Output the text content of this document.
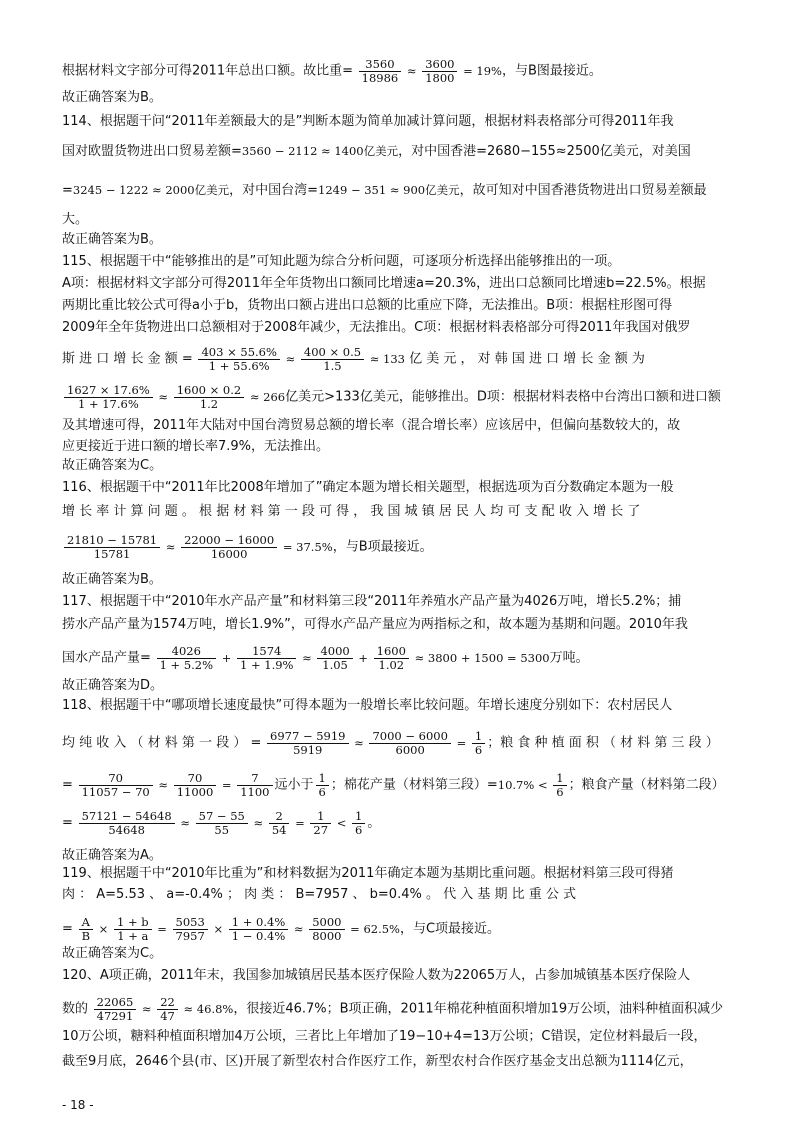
根据材料文字部分可得2011年总出口额。故比重= $\frac{3560}{18986} \approx \frac{3600}{1800} = 19\%$，与B图最接近。
故正确答案为B。
114、根据题干问“2011年差额最大的是”判断本题为简单加减计算问题，根据材料表格部分可得2011年我
国对欧盟货物进出口贸易差额=3560 − 2112 ≈ 1400亿美元，对中国香港=2680−155≈2500亿美元，对美国
=3245 − 1222 ≈ 2000亿美元，对中国台湾=1249 − 351 ≈ 900亿美元，故可知对中国香港货物进出口贸易差额最
大。
故正确答案为B。
115、根据题干中“能够推出的是”可知此题为综合分析问题，可逐项分析选择出能够推出的一项。
A项：根据材料文字部分可得2011年全年货物出口额同比增速a=20.3%，进出口总额同比增速b=22.5%。根据
两期比重比较公式可得a小于b，货物出口额占进出口总额的比重应下降，无法推出。B项：根据柱形图可得
2009年全年货物进出口总额相对于2008年减少，无法推出。C项：根据材料表格部分可得2011年我国对俄罗
斯 进 口 增 长 金 额 = $\frac{403 \times 55.6\%}{1 + 55.6\%} \approx \frac{400 \times 0.5}{1.5} \approx 133$ 亿 美 元 ， 对 韩 国 进 口 增 长 金 额 为
$\frac{1627 \times 17.6\%}{1 + 17.6\%} \approx \frac{1600 \times 0.2}{1.2} \approx 266$亿美元>133亿美元，能够推出。D项：根据材料表格中台湾出口额和进口额
及其增速可得，2011年大陆对中国台湾贸易总额的增长率（混合增长率）应该居中，但偏向基数较大的，故
应更接近于进口额的增长率7.9%，无法推出。
故正确答案为C。
116、根据题干中“2011年比2008年增加了”确定本题为增长相关题型，根据选项为百分数确定本题为一般
增 长 率 计 算 问 题 。 根 据 材 料 第 一 段 可 得 ， 我 国 城 镇 居 民 人 均 可 支 配 收 入 增 长 了
$\frac{21810 - 15781}{15781} \approx \frac{22000 - 16000}{16000} = 37.5\%$，与B项最接近。
故正确答案为B。
117、根据题干中“2010年水产品产量”和材料第三段“2011年养殖水产品产量为4026万吨，增长5.2%；捕
捞水产品产量为1574万吨，增长1.9%”，可得水产品产量应为两指标之和，故本题为基期和问题。2010年我
国水产品产量= $\frac{4026}{1 + 5.2\%} + \frac{1574}{1 + 1.9\%} \approx \frac{4000}{1.05} + \frac{1600}{1.02} \approx 3800 + 1500 = 5300$万吨。
故正确答案为D。
118、根据题干中“哪项增长速度最快”可得本题为一般增长率比较问题。年增长速度分别如下：农村居民人
均 纯 收 入 （ 材 料 第 一 段 ） = $\frac{6977 - 5919}{5919} \approx \frac{7000 - 6000}{6000} = \frac{1}{6}$ ；粮 食 种 植 面 积 （ 材 料 第 三 段 ）
= $\frac{70}{11057 - 70} \approx \frac{70}{11000} = \frac{7}{1100}$ 远小于 $\frac{1}{6}$ ；棉花产量（材料第三段）$=10.7\% < \frac{1}{6}$ ；粮食产量（材料第二段）
= $\frac{57121 - 54648}{54648} \approx \frac{57 - 55}{55} \approx \frac{2}{54} = \frac{1}{27} < \frac{1}{6}$ 。
故正确答案为A。
119、根据题干中“2010年比重为”和材料数据为2011年确定本题为基期比重问题。根据材料第三段可得猪
肉 ： A=5.53 、 a=-0.4% ； 肉 类 ： B=7957 、 b=0.4% 。 代 入 基 期 比 重 公 式
= $\frac{A}{B} \times \frac{1 + b}{1 + a} = \frac{5053}{7957} \times \frac{1 + 0.4\%}{1 - 0.4\%} \approx \frac{5000}{8000} = 62.5\%$，与C项最接近。
故正确答案为C。
120、A项正确，2011年末，我国参加城镇居民基本医疗保险人数为22065万人，占参加城镇基本医疗保险人
数的 $\frac{22065}{47291} \approx \frac{22}{47} \approx 46.8\%$，很接近46.7%；B项正确，2011年棉花种植面积增加19万公顷，油料种植面积减少
10万公顷，糖料种植面积增加4万公顷，三者比上年增加了19−10+4=13万公顷；C错误，定位材料最后一段，
截至9月底，2646个县(市、区)开展了新型农村合作医疗工作，新型农村合作医疗基金支出总额为1114亿元，
- 18 -
